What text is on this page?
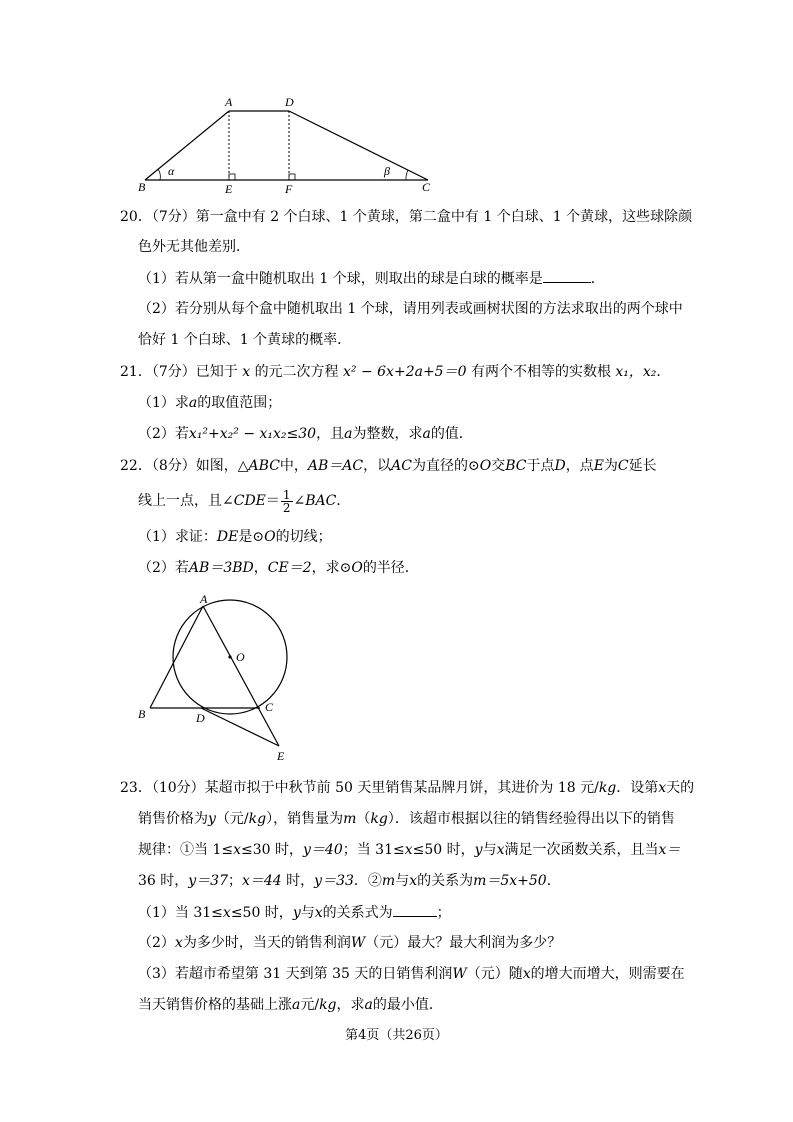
A	D
B	E	F	C
α	β
20．（7分）第一盒中有 2 个白球、1 个黄球，第二盒中有 1 个白球、1 个黄球，这些球除颜
色外无其他差别．
（1）若从第一盒中随机取出 1 个球，则取出的球是白球的概率是	．
（2）若分别从每个盒中随机取出 1 个球，请用列表或画树状图的方法求取出的两个球中
恰好 1 个白球、1 个黄球的概率．
21．（7分）已知于 x 的元二次方程 x² − 6x+2a+5＝0 有两个不相等的实数根 x₁，x₂．
（1）求a的取值范围；
（2）若x₁²+x₂² − x₁x₂≤30，且a为整数，求a的值．
22．（8分）如图，△ABC中，AB＝AC，以AC为直径的⊙O交BC于点D，点E为C延长
线上一点，且∠CDE＝ $\frac{1}{2}$ ∠BAC．
（1）求证：DE是⊙O的切线；
（2）若AB＝3BD，CE＝2，求⊙O的半径．
A
O
B	D
C
E
23．（10分）某超市拟于中秋节前 50 天里销售某品牌月饼，其进价为 18 元/kg．设第x天的
销售价格为y（元/kg），销售量为m（kg）．该超市根据以往的销售经验得出以下的销售
规律：①当 1≤x≤30 时，y＝40；当 31≤x≤50 时，y与x满足一次函数关系，且当x＝
36 时，y＝37；x＝44 时，y＝33．②m与x的关系为m＝5x+50．
（1）当 31≤x≤50 时，y与x的关系式为	；
（2）x为多少时，当天的销售利润W（元）最大？最大利润为多少？
（3）若超市希望第 31 天到第 35 天的日销售利润W（元）随x的增大而增大，则需要在
当天销售价格的基础上涨a元/kg，求a的最小值．
第4页（共26页）
